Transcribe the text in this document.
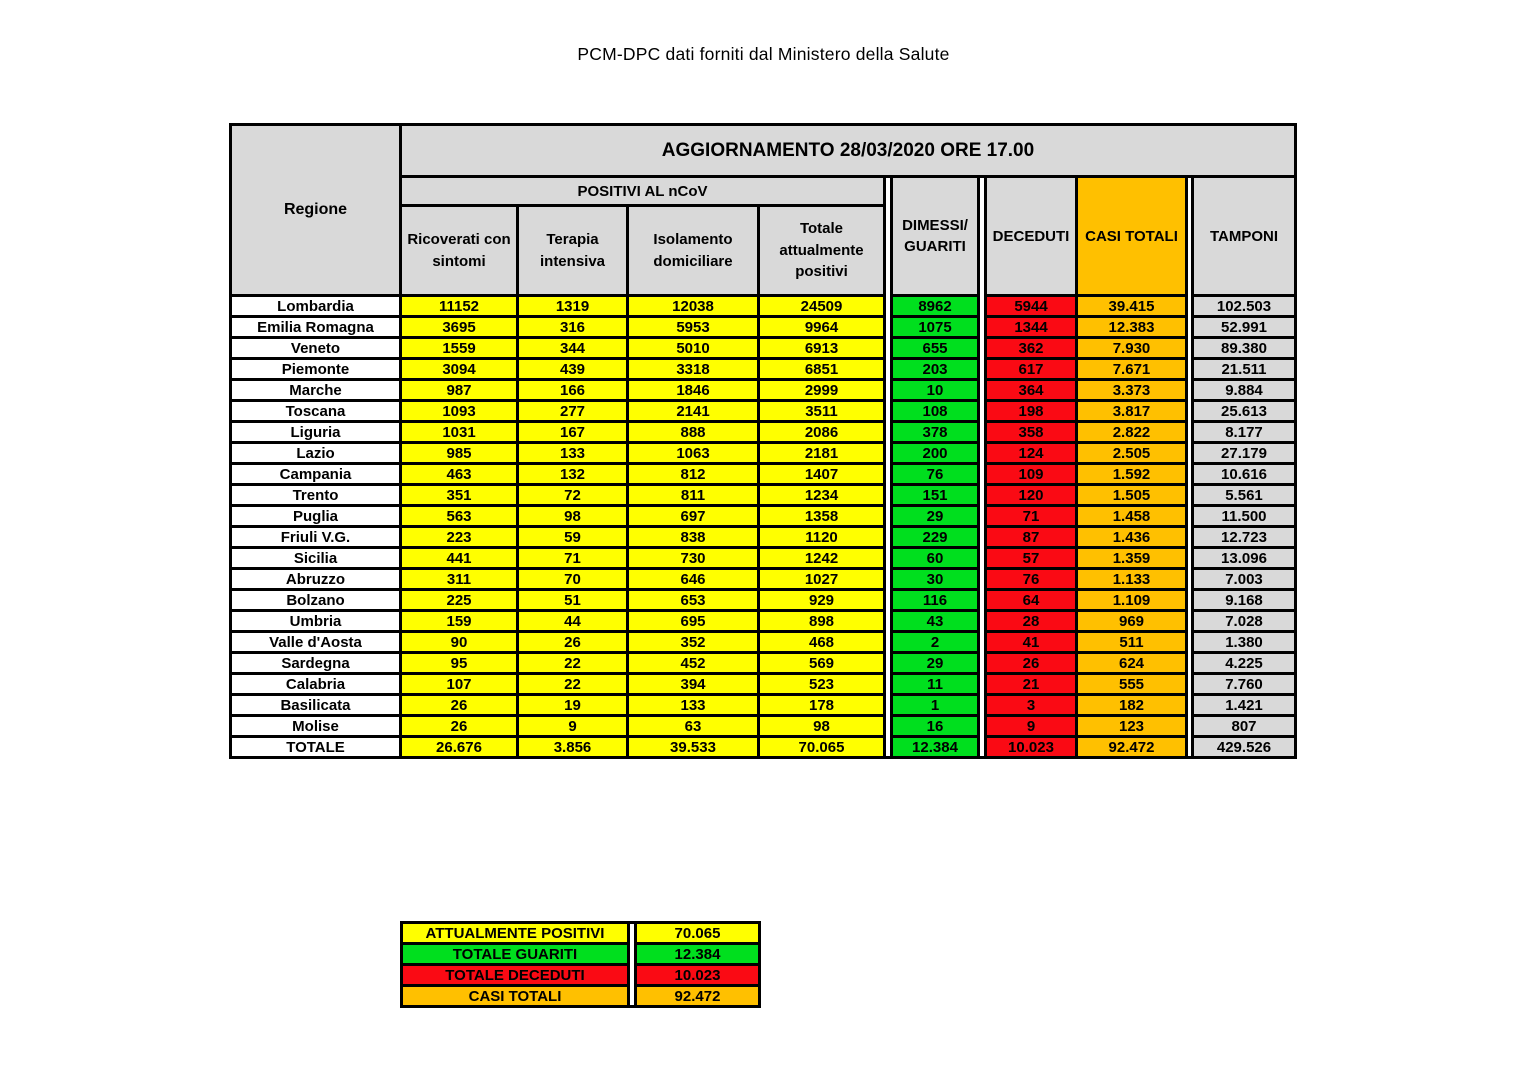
PCM-DPC dati forniti dal Ministero della Salute
Regione	AGGIORNAMENTO 28/03/2020 ORE 17.00										
	POSITIVI AL nCoV					DIMESSI/ GUARITI		DECEDUTI	CASI TOTALI		TAMPONI
	Ricoverati con sintomi	Terapia intensiva	Isolamento domiciliare	Totale attualmente positivi							
Lombardia	11152	1319	12038	24509		8962		5944	39.415		102.503
Emilia Romagna	3695	316	5953	9964		1075		1344	12.383		52.991
Veneto	1559	344	5010	6913		655		362	7.930		89.380
Piemonte	3094	439	3318	6851		203		617	7.671		21.511
Marche	987	166	1846	2999		10		364	3.373		9.884
Toscana	1093	277	2141	3511		108		198	3.817		25.613
Liguria	1031	167	888	2086		378		358	2.822		8.177
Lazio	985	133	1063	2181		200		124	2.505		27.179
Campania	463	132	812	1407		76		109	1.592		10.616
Trento	351	72	811	1234		151		120	1.505		5.561
Puglia	563	98	697	1358		29		71	1.458		11.500
Friuli V.G.	223	59	838	1120		229		87	1.436		12.723
Sicilia	441	71	730	1242		60		57	1.359		13.096
Abruzzo	311	70	646	1027		30		76	1.133		7.003
Bolzano	225	51	653	929		116		64	1.109		9.168
Umbria	159	44	695	898		43		28	969		7.028
Valle d'Aosta	90	26	352	468		2		41	511		1.380
Sardegna	95	22	452	569		29		26	624		4.225
Calabria	107	22	394	523		11		21	555		7.760
Basilicata	26	19	133	178		1		3	182		1.421
Molise	26	9	63	98		16		9	123		807
TOTALE	26.676	3.856	39.533	70.065		12.384		10.023	92.472		429.526
ATTUALMENTE POSITIVI		70.065
TOTALE GUARITI		12.384
TOTALE DECEDUTI		10.023
CASI TOTALI		92.472
